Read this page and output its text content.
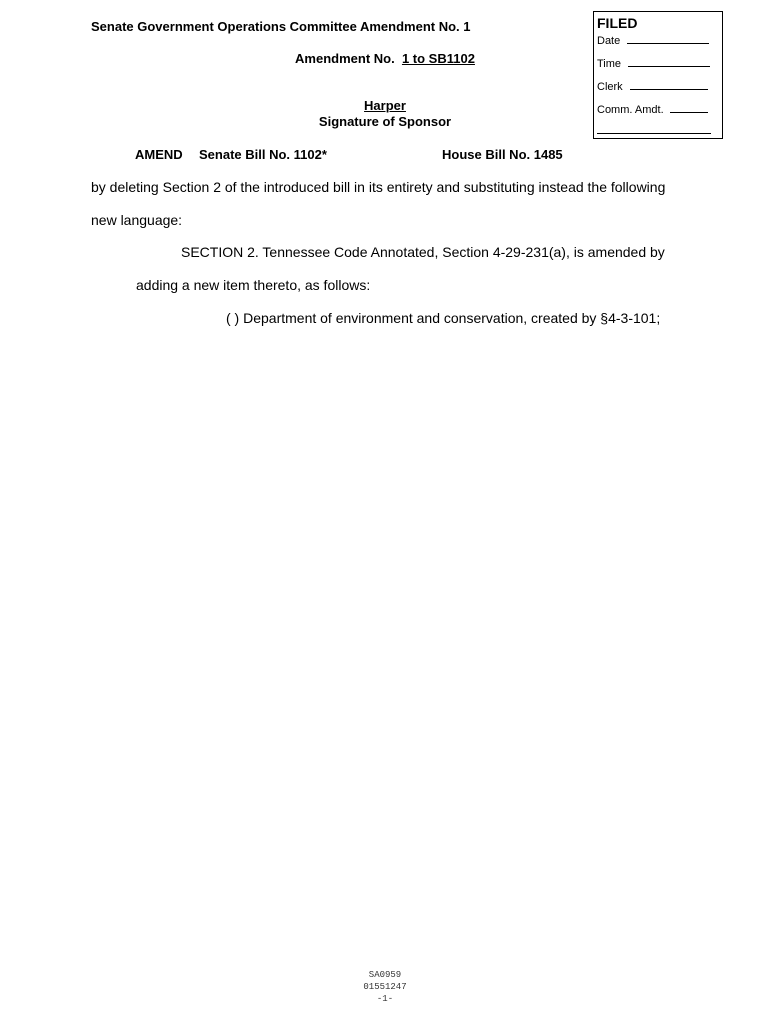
Senate Government Operations Committee Amendment No. 1
Amendment No. 1 to SB1102
Harper
Signature of Sponsor
FILED
Date
Time
Clerk
Comm. Amdt.
AMEND Senate Bill No. 1102*	House Bill No. 1485
by deleting Section 2 of the introduced bill in its entirety and substituting instead the following
new language:
SECTION 2. Tennessee Code Annotated, Section 4-29-231(a), is amended by
adding a new item thereto, as follows:
( ) Department of environment and conservation, created by §4-3-101;
SA0959
01551247
-1-
